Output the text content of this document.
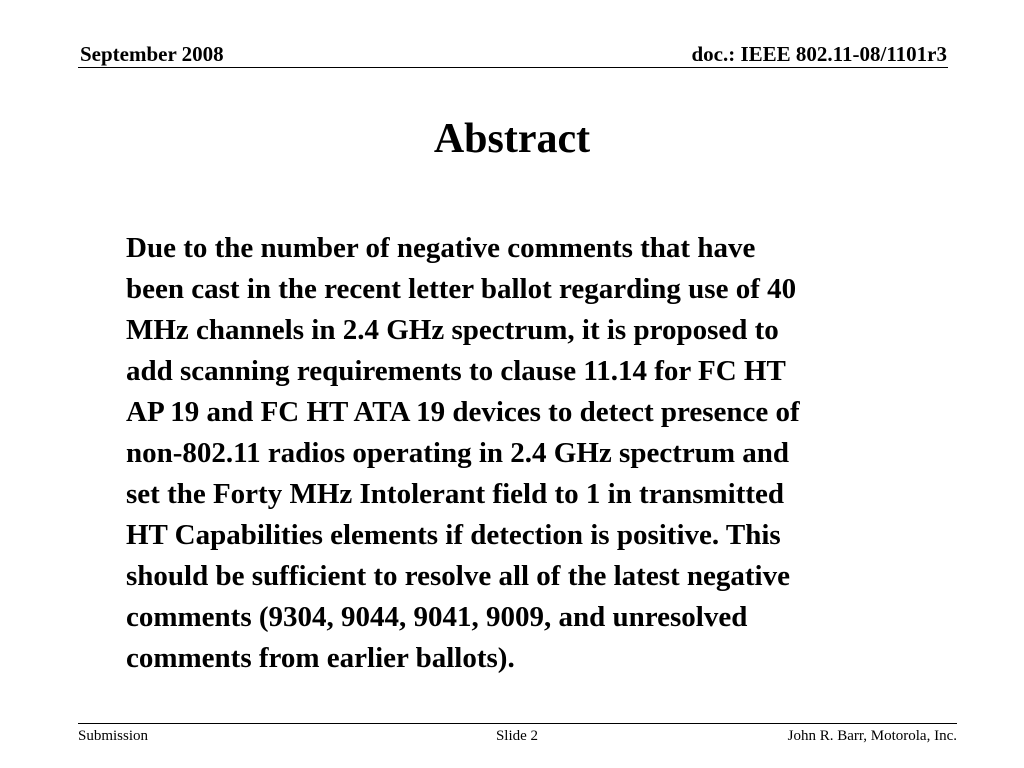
September 2008	doc.: IEEE 802.11-08/1101r3
Abstract
Due to the number of negative comments that have
been cast in the recent letter ballot regarding use of 40
MHz channels in 2.4 GHz spectrum, it is proposed to
add scanning requirements to clause 11.14 for FC HT
AP 19 and FC HT ATA 19 devices to detect presence of
non-802.11 radios operating in 2.4 GHz spectrum and
set the Forty MHz Intolerant field to 1 in transmitted
HT Capabilities elements if detection is positive. This
should be sufficient to resolve all of the latest negative
comments (9304, 9044, 9041, 9009, and unresolved
comments from earlier ballots).
Submission	Slide 2	John R. Barr, Motorola, Inc.
